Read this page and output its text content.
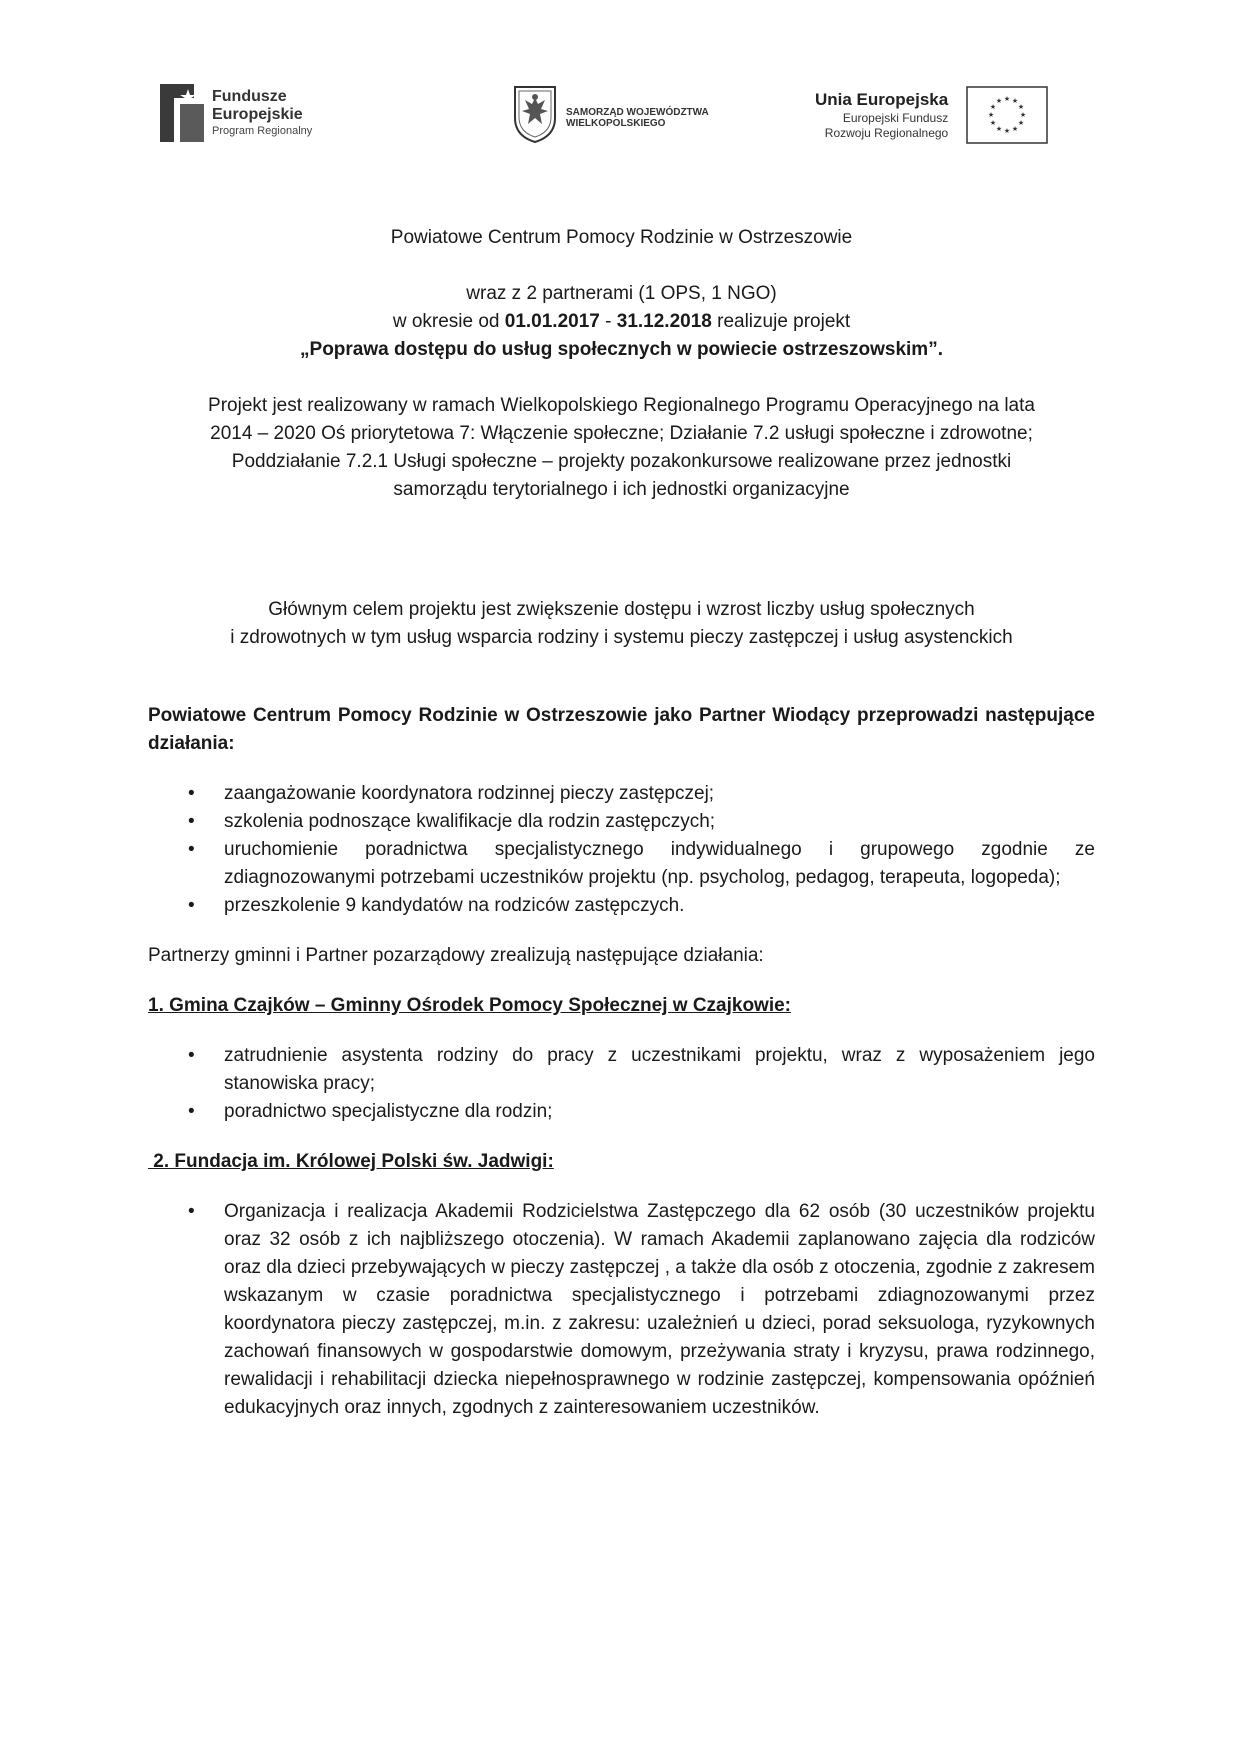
Fundusze
Europejskie
Program Regionalny
SAMORZĄD WOJEWÓDZTWA
WIELKOPOLSKIEGO
Unia Europejska
Europejski Fundusz
Rozwoju Regionalnego
★ ★
★
★
★
★
★
★
★
★
★
★

Powiatowe Centrum Pomocy Rodzinie w Ostrzeszowie

wraz z 2 partnerami (1 OPS, 1 NGO)

w okresie od 01.01.2017 - 31.12.2018 realizuje projekt

„Poprawa dostępu do usług społecznych w powiecie ostrzeszowskim”.

Projekt jest realizowany w ramach Wielkopolskiego Regionalnego Programu Operacyjnego na lata

2014 – 2020 Oś priorytetowa 7: Włączenie społeczne; Działanie 7.2 usługi społeczne i zdrowotne;

Poddziałanie 7.2.1 Usługi społeczne – projekty pozakonkursowe realizowane przez jednostki

samorządu terytorialnego i ich jednostki organizacyjne

Głównym celem projektu jest zwiększenie dostępu i wzrost liczby usług społecznych

i zdrowotnych w tym usług wsparcia rodziny i systemu pieczy zastępczej i usług asystenckich

Powiatowe Centrum Pomocy Rodzinie w Ostrzeszowie jako Partner Wiodący przeprowadzi następujące działania:

• zaangażowanie koordynatora rodzinnej pieczy zastępczej;
• szkolenia podnoszące kwalifikacje dla rodzin zastępczych;
• uruchomienie poradnictwa specjalistycznego indywidualnego i grupowego zgodnie ze zdiagnozowanymi potrzebami uczestników projektu (np. psycholog, pedagog, terapeuta, logopeda);
• przeszkolenie 9 kandydatów na rodziców zastępczych.

Partnerzy gminni i Partner pozarządowy zrealizują następujące działania:

1. Gmina Czajków – Gminny Ośrodek Pomocy Społecznej w Czajkowie:

• zatrudnienie asystenta rodziny do pracy z uczestnikami projektu, wraz z wyposażeniem jego stanowiska pracy;
• poradnictwo specjalistyczne dla rodzin;

2. Fundacja im. Królowej Polski św. Jadwigi:

• Organizacja i realizacja Akademii Rodzicielstwa Zastępczego dla 62 osób (30 uczestników projektu oraz 32 osób z ich najbliższego otoczenia). W ramach Akademii zaplanowano zajęcia dla rodziców oraz dla dzieci przebywających w pieczy zastępczej , a także dla osób z otoczenia, zgodnie z zakresem wskazanym w czasie poradnictwa specjalistycznego i potrzebami zdiagnozowanymi przez koordynatora pieczy zastępczej, m.in. z zakresu: uzależnień u dzieci, porad seksuologa, ryzykownych zachowań finansowych w gospodarstwie domowym, przeżywania straty i kryzysu, prawa rodzinnego, rewalidacji i rehabilitacji dziecka niepełnosprawnego w rodzinie zastępczej, kompensowania opóźnień edukacyjnych oraz innych, zgodnych z zainteresowaniem uczestników.
